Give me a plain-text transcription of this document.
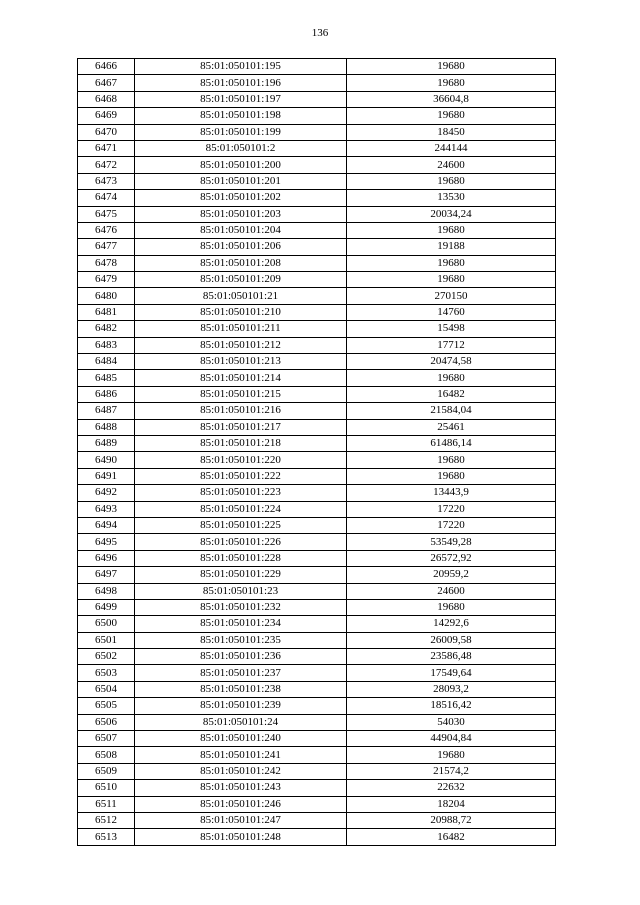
136
6466	85:01:050101:195	19680
6467	85:01:050101:196	19680
6468	85:01:050101:197	36604,8
6469	85:01:050101:198	19680
6470	85:01:050101:199	18450
6471	85:01:050101:2	244144
6472	85:01:050101:200	24600
6473	85:01:050101:201	19680
6474	85:01:050101:202	13530
6475	85:01:050101:203	20034,24
6476	85:01:050101:204	19680
6477	85:01:050101:206	19188
6478	85:01:050101:208	19680
6479	85:01:050101:209	19680
6480	85:01:050101:21	270150
6481	85:01:050101:210	14760
6482	85:01:050101:211	15498
6483	85:01:050101:212	17712
6484	85:01:050101:213	20474,58
6485	85:01:050101:214	19680
6486	85:01:050101:215	16482
6487	85:01:050101:216	21584,04
6488	85:01:050101:217	25461
6489	85:01:050101:218	61486,14
6490	85:01:050101:220	19680
6491	85:01:050101:222	19680
6492	85:01:050101:223	13443,9
6493	85:01:050101:224	17220
6494	85:01:050101:225	17220
6495	85:01:050101:226	53549,28
6496	85:01:050101:228	26572,92
6497	85:01:050101:229	20959,2
6498	85:01:050101:23	24600
6499	85:01:050101:232	19680
6500	85:01:050101:234	14292,6
6501	85:01:050101:235	26009,58
6502	85:01:050101:236	23586,48
6503	85:01:050101:237	17549,64
6504	85:01:050101:238	28093,2
6505	85:01:050101:239	18516,42
6506	85:01:050101:24	54030
6507	85:01:050101:240	44904,84
6508	85:01:050101:241	19680
6509	85:01:050101:242	21574,2
6510	85:01:050101:243	22632
6511	85:01:050101:246	18204
6512	85:01:050101:247	20988,72
6513	85:01:050101:248	16482
